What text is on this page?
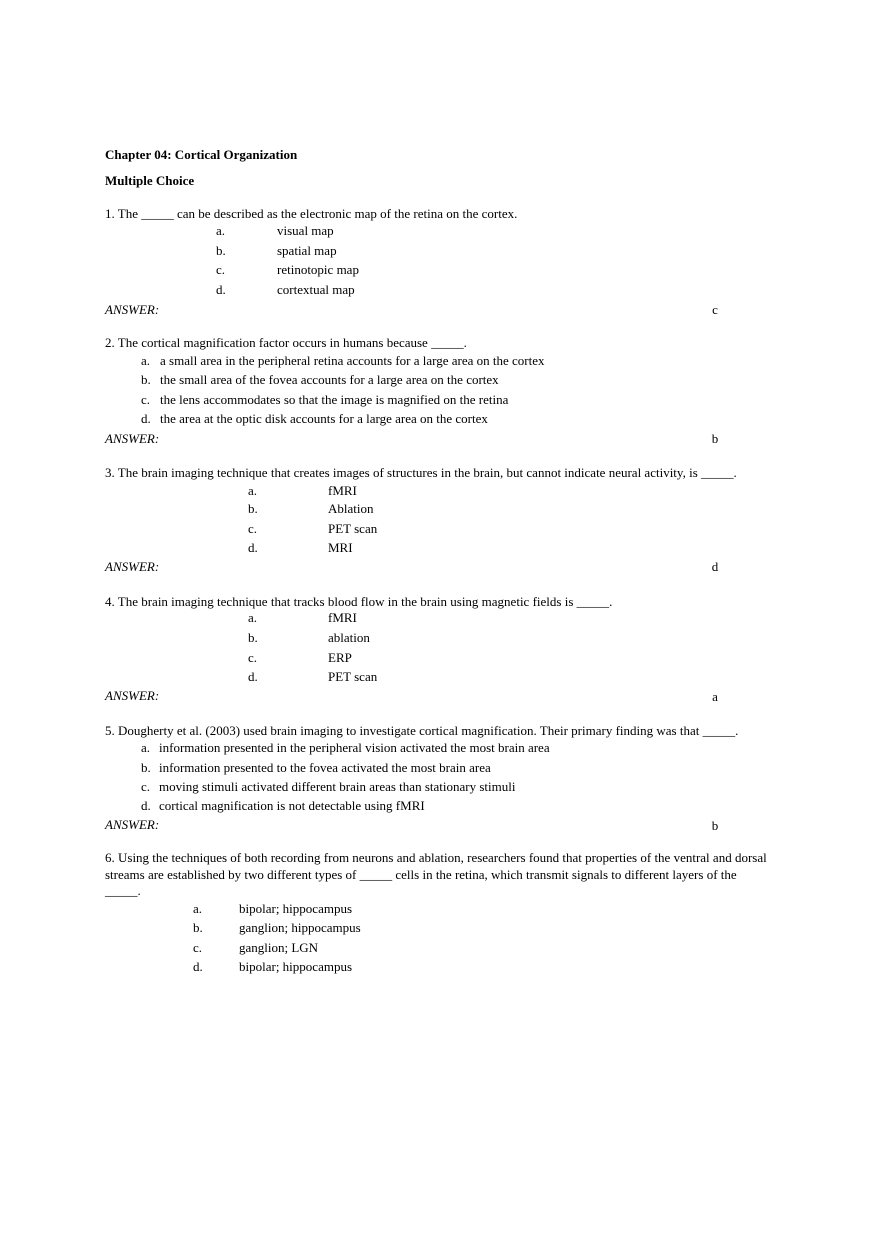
Chapter 04: Cortical Organization
Multiple Choice
1. The _____ can be described as the electronic map of the retina on the cortex.
a.	visual map
b.	spatial map
c.	retinotopic map
d.	cortextual map
ANSWER:	c
2. The cortical magnification factor occurs in humans because _____.
a. a small area in the peripheral retina accounts for a large area on the cortex
b. the small area of the fovea accounts for a large area on the cortex
c. the lens accommodates so that the image is magnified on the retina
d. the area at the optic disk accounts for a large area on the cortex
ANSWER:	b
3. The brain imaging technique that creates images of structures in the brain, but cannot indicate neural activity, is _____.
a.	fMRI
b.	Ablation
c.	PET scan
d.	MRI
ANSWER:	d
4. The brain imaging technique that tracks blood flow in the brain using magnetic fields is _____.
a.	fMRI
b.	ablation
c.	ERP
d.	PET scan
ANSWER:	a
5. Dougherty et al. (2003) used brain imaging to investigate cortical magnification. Their primary finding was that _____.
a. information presented in the peripheral vision activated the most brain area
b. information presented to the fovea activated the most brain area
c. moving stimuli activated different brain areas than stationary stimuli
d. cortical magnification is not detectable using fMRI
ANSWER:	b
6. Using the techniques of both recording from neurons and ablation, researchers found that properties of the ventral and dorsal streams are established by two different types of _____ cells in the retina, which transmit signals to different layers of the _____.
a.	bipolar; hippocampus
b.	ganglion; hippocampus
c.	ganglion; LGN
d.	bipolar; hippocampus
